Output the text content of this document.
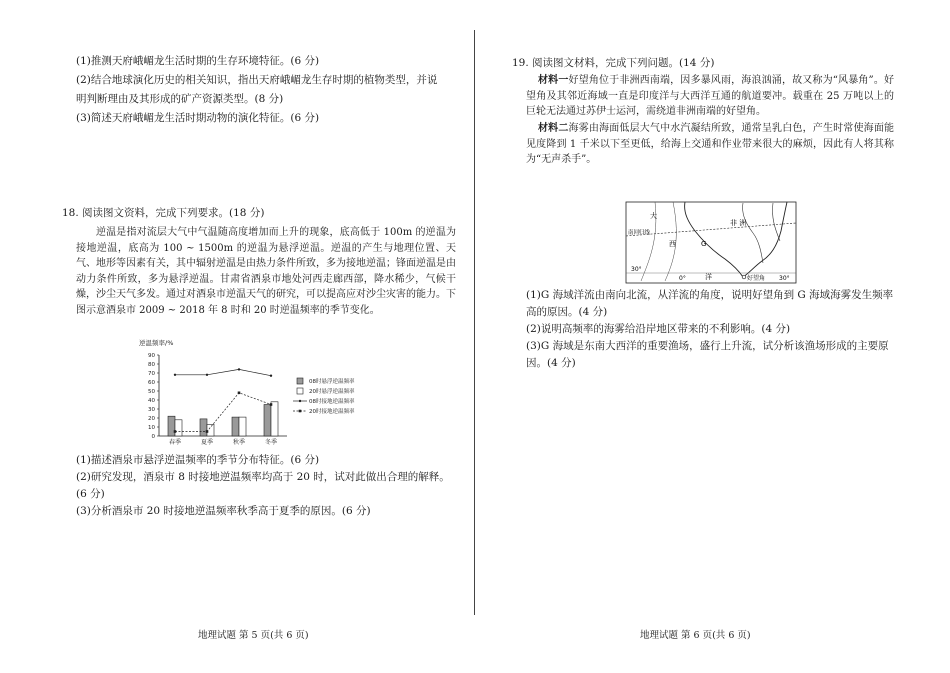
(1)推测天府峨嵋龙生活时期的生存环境特征。(6 分)
(2)结合地球演化历史的相关知识，指出天府峨嵋龙生存时期的植物类型，并说
明判断理由及其形成的矿产资源类型。(8 分)
(3)简述天府峨嵋龙生活时期动物的演化特征。(6 分)
18. 阅读图文资料，完成下列要求。(18 分)
逆温是指对流层大气中气温随高度增加而上升的现象，底高低于 100m 的逆温为接地逆温，底高为 100 ~ 1500m 的逆温为悬浮逆温。逆温的产生与地理位置、天气、地形等因素有关，其中辐射逆温是由热力条件所致，多为接地逆温；锋面逆温是由动力条件所致，多为悬浮逆温。甘肃省酒泉市地处河西走廊西部，降水稀少，气候干燥，沙尘天气多发。通过对酒泉市逆温天气的研究，可以提高应对沙尘灾害的能力。下图示意酒泉市 2009 ~ 2018 年 8 时和 20 时逆温频率的季节变化。
逆温频率/%
0
10
20
30
40
50
60
70
80
90
春季	夏季	秋季	冬季
08时悬浮逆温频率
20时悬浮逆温频率
08时接地逆温频率
20时接地逆温频率
(1)描述酒泉市悬浮逆温频率的季节分布特征。(6 分)
(2)研究发现，酒泉市 8 时接地逆温频率均高于 20 时，试对此做出合理的解释。
(6 分)
(3)分析酒泉市 20 时接地逆温频率秋季高于夏季的原因。(6 分)
地理试题 第 5 页(共 6 页)
19. 阅读图文材料，完成下列问题。(14 分)
材料一好望角位于非洲西南端，因多暴风雨，海浪汹涌，故又称为“风暴角”。好望角及其邻近海域一直是印度洋与大西洋互通的航道要冲。载重在 25 万吨以上的巨轮无法通过苏伊士运河，需绕道非洲南端的好望角。
材料二海雾由海面低层大气中水汽凝结所致，通常呈乳白色，产生时常使海面能见度降到 1 千米以下至更低，给海上交通和作业带来很大的麻烦，因此有人将其称为“无声杀手”。
大
非 洲
南回归线
西	G
洋
30°
0°	好望角 30°
(1)G 海域洋流由南向北流，从洋流的角度，说明好望角到 G 海域海雾发生频率
高的原因。(4 分)
(2)说明高频率的海雾给沿岸地区带来的不利影响。(4 分)
(3)G 海域是东南大西洋的重要渔场，盛行上升流，试分析该渔场形成的主要原
因。(4 分)
地理试题 第 6 页(共 6 页)
